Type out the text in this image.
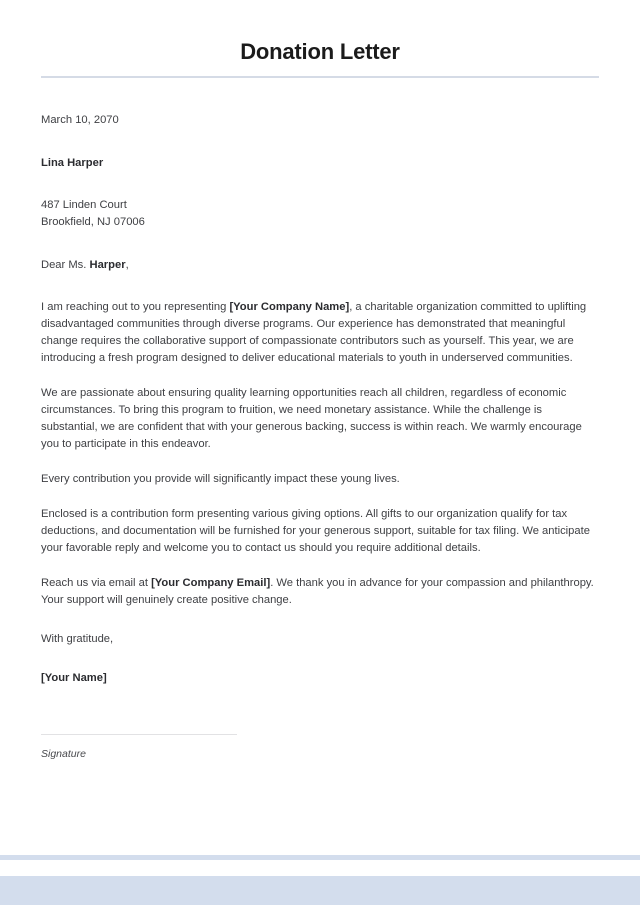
Donation Letter

March 10, 2070

Lina Harper

487 Linden Court
Brookfield, NJ 07006

Dear Ms. Harper,

I am reaching out to you representing [Your Company Name], a charitable organization committed to uplifting disadvantaged communities through diverse programs. Our experience has demonstrated that meaningful change requires the collaborative support of compassionate contributors such as yourself. This year, we are introducing a fresh program designed to deliver educational materials to youth in underserved communities.

We are passionate about ensuring quality learning opportunities reach all children, regardless of economic circumstances. To bring this program to fruition, we need monetary assistance. While the challenge is substantial, we are confident that with your generous backing, success is within reach. We warmly encourage you to participate in this endeavor.

Every contribution you provide will significantly impact these young lives.

Enclosed is a contribution form presenting various giving options. All gifts to our organization qualify for tax deductions, and documentation will be furnished for your generous support, suitable for tax filing. We anticipate your favorable reply and welcome you to contact us should you require additional details.

Reach us via email at [Your Company Email]. We thank you in advance for your compassion and philanthropy. Your support will genuinely create positive change.

With gratitude,

[Your Name]

Signature
